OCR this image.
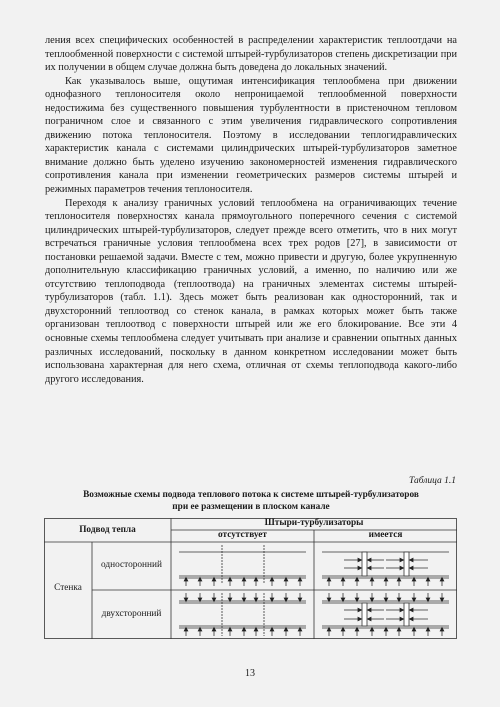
ления всех специфических особенностей в распределении характеристик теплоотдачи на теплообменной поверхности с системой штырей-турбулизаторов степень дискретизации при их получении в общем случае должна быть доведена до локальных значений.

Как указывалось выше, ощутимая интенсификация теплообмена при движении однофазного теплоносителя около непроницаемой теплообменной поверхности недостижима без существенного повышения турбулентности в пристеночном тепловом пограничном слое и связанного с этим увеличения гидравлического сопротивления движению потока теплоносителя. Поэтому в исследовании теплогидравлических характеристик канала с системами цилиндрических штырей-турбулизаторов заметное внимание должно быть уделено изучению закономерностей изменения гидравлического сопротивления канала при изменении геометрических размеров системы штырей и режимных параметров течения теплоносителя.

Переходя к анализу граничных условий теплообмена на ограничивающих течение теплоносителя поверхностях канала прямоугольного поперечного сечения с системой цилиндрических штырей-турбулизаторов, следует прежде всего отметить, что в них могут встречаться граничные условия теплообмена всех трех родов [27], в зависимости от постановки решаемой задачи. Вместе с тем, можно привести и другую, более укрупненную дополнительную классификацию граничных условий, а именно, по наличию или же отсутствию теплоподвода (теплоотвода) на граничных элементах системы штырей-турбулизаторов (табл. 1.1). Здесь может быть реализован как односторонний, так и двухсторонний теплоотвод со стенок канала, в рамках которых может быть также организован теплоотвод с поверхности штырей или же его блокирование. Все эти 4 основные схемы теплообмена следует учитывать при анализе и сравнении опытных данных различных исследований, поскольку в данном конкретном исследовании может быть использована характерная для него схема, отличная от схемы теплоподвода какого-либо другого исследования.

Таблица 1.1
Возможные схемы подвода теплового потока к системе штырей-турбулизаторов
при ее размещении в плоском канале
Подвод тепла
Штыри-турбулизаторы
отсутствует	имеется
Стенка
односторонний
двухсторонний
13
